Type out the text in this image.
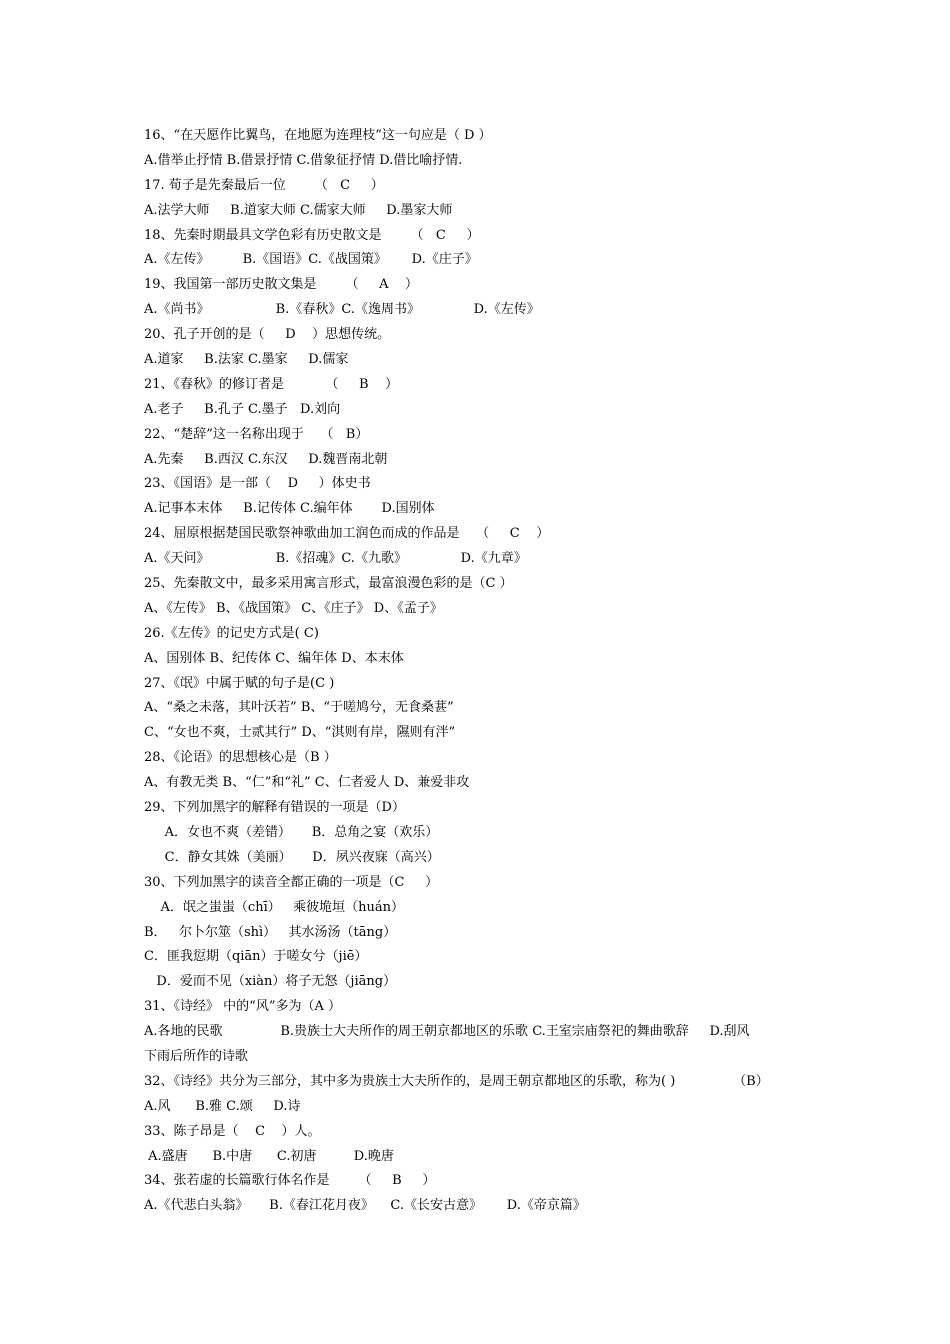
16、“在天愿作比翼鸟，在地愿为连理枝”这一句应是（ D ）
A.借举止抒情 B.借景抒情 C.借象征抒情 D.借比喻抒情.
17. 荀子是先秦最后一位       （   C     ）
A.法学大师     B.道家大师 C.儒家大师     D.墨家大师
18、先秦时期最具文学色彩有历史散文是       （   C     ）
A.《左传》        B.《国语》C.《战国策》      D.《庄子》
19、我国第一部历史散文集是       （     A    ）
A.《尚书》                B.《春秋》C.《逸周书》             D.《左传》
20、孔子开创的是（     D    ）思想传统。
A.道家     B.法家 C.墨家     D.儒家
21、《春秋》的修订者是          （     B    ）
A.老子     B.孔子 C.墨子   D.刘向
22、“楚辞”这一名称出现于    （   B）
A.先秦     B.西汉 C.东汉     D.魏晋南北朝
23、《国语》是一部（    D     ）体史书
A.记事本末体     B.记传体 C.编年体       D.国别体
24、屈原根据楚国民歌祭神歌曲加工润色而成的作品是    （     C    ）
A.《天问》                B.《招魂》C.《九歌》             D.《九章》
25、先秦散文中，最多采用寓言形式，最富浪漫色彩的是（C ）
A、《左传》 B、《战国策》 C、《庄子》 D、《孟子》
26.《左传》的记史方式是( C)
A、国别体 B、纪传体 C、编年体 D、本末体
27、《氓》中属于赋的句子是(C )
A、“桑之未落，其叶沃若” B、“于嗟鸠兮，无食桑葚”
C、“女也不爽，士贰其行” D、“淇则有岸，隰则有泮”
28、《论语》的思想核心是（B ）
A、有教无类 B、“仁”和“礼” C、仁者爱人 D、兼爱非攻
29、下列加黑字的解释有错误的一项是（D）
A．女也不爽（差错）     B．总角之宴（欢乐）
C．静女其姝（美丽）     D．夙兴夜寐（高兴）
30、下列加黑字的读音全都正确的一项是（C     ）
A．氓之蚩蚩（chī）   乘彼垝垣（huán）
B．   尔卜尔筮（shì）   其水汤汤（tāng）
C．匪我愆期（qiān）于嗟女兮（jiē）
D．爱而不见（xiàn）将子无怒（jiāng）
31、《诗经》 中的“风”多为（A ）
A.各地的民歌              B.贵族士大夫所作的周王朝京都地区的乐歌 C.王室宗庙祭祀的舞曲歌辞     D.刮风
下雨后所作的诗歌
32、《诗经》共分为三部分，其中多为贵族士大夫所作的，是周王朝京都地区的乐歌，称为( )              （B）
A.风      B.雅 C.颂     D.诗
33、陈子昂是（    C    ）人。
A.盛唐      B.中唐      C.初唐         D.晚唐
34、张若虚的长篇歌行体名作是       （     B     ）
A.《代悲白头翁》     B.《春江花月夜》    C.《长安古意》      D.《帝京篇》
